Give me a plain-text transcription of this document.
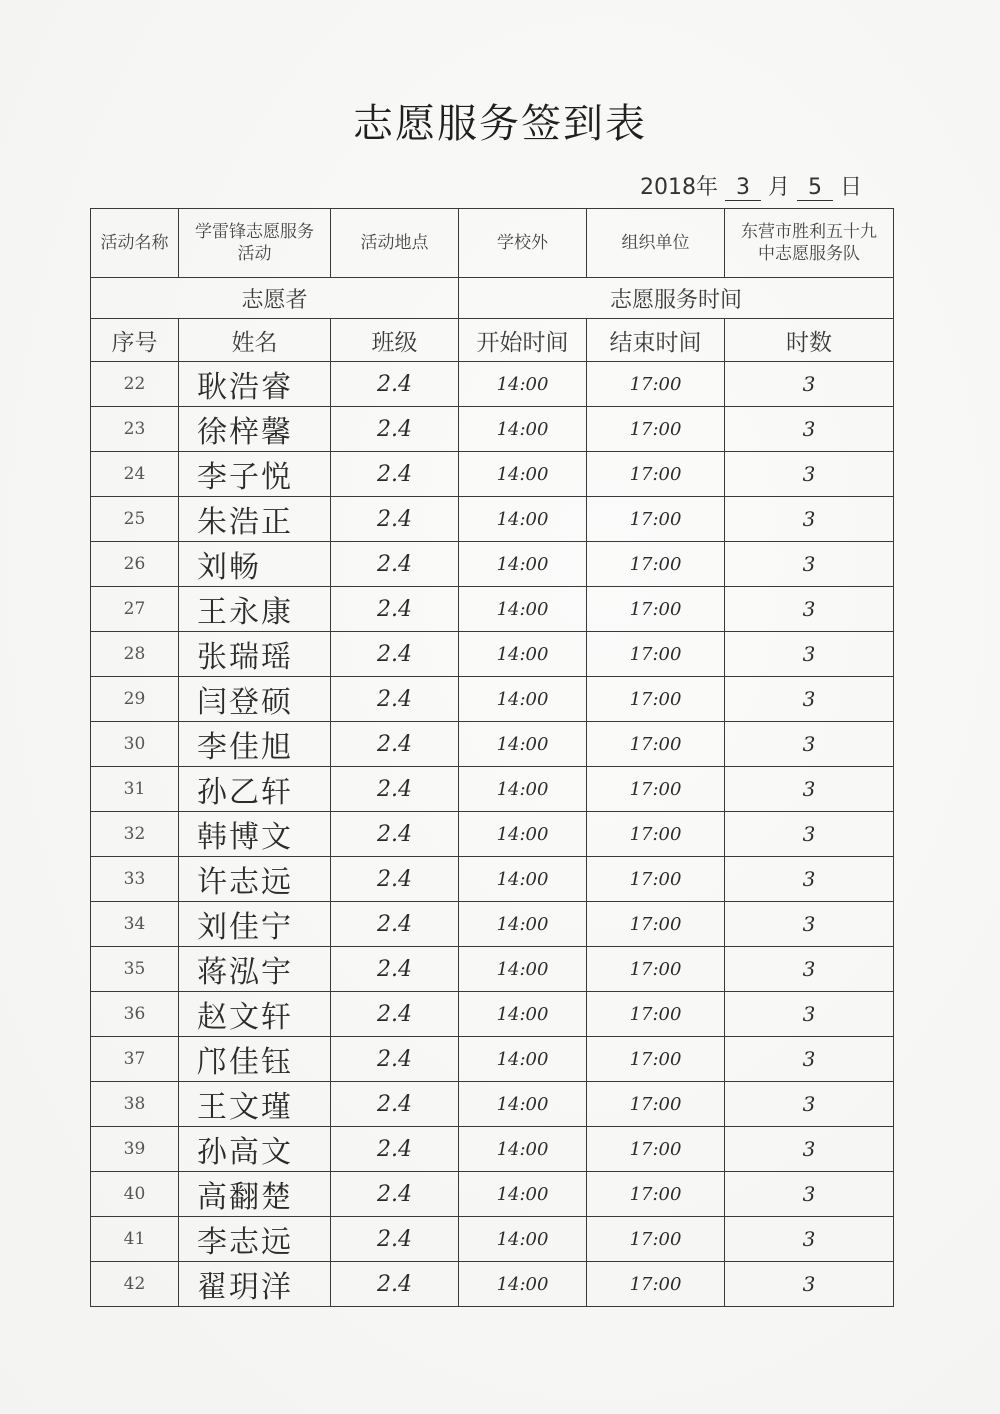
志愿服务签到表
2018年 3 月 5 日
活动名称	学雷锋志愿服务活动	活动地点	学校外	组织单位	东营市胜利五十九中志愿服务队
志愿者			志愿服务时间		
序号	姓名	班级	开始时间	结束时间	时数
22	耿浩睿	2.4	14:00	17:00	3
23	徐梓馨	2.4	14:00	17:00	3
24	李子悦	2.4	14:00	17:00	3
25	朱浩正	2.4	14:00	17:00	3
26	刘畅	2.4	14:00	17:00	3
27	王永康	2.4	14:00	17:00	3
28	张瑞瑶	2.4	14:00	17:00	3
29	闫登硕	2.4	14:00	17:00	3
30	李佳旭	2.4	14:00	17:00	3
31	孙乙轩	2.4	14:00	17:00	3
32	韩博文	2.4	14:00	17:00	3
33	许志远	2.4	14:00	17:00	3
34	刘佳宁	2.4	14:00	17:00	3
35	蒋泓宇	2.4	14:00	17:00	3
36	赵文轩	2.4	14:00	17:00	3
37	邝佳钰	2.4	14:00	17:00	3
38	王文瑾	2.4	14:00	17:00	3
39	孙高文	2.4	14:00	17:00	3
40	高翻楚	2.4	14:00	17:00	3
41	李志远	2.4	14:00	17:00	3
42	翟玥洋	2.4	14:00	17:00	3
